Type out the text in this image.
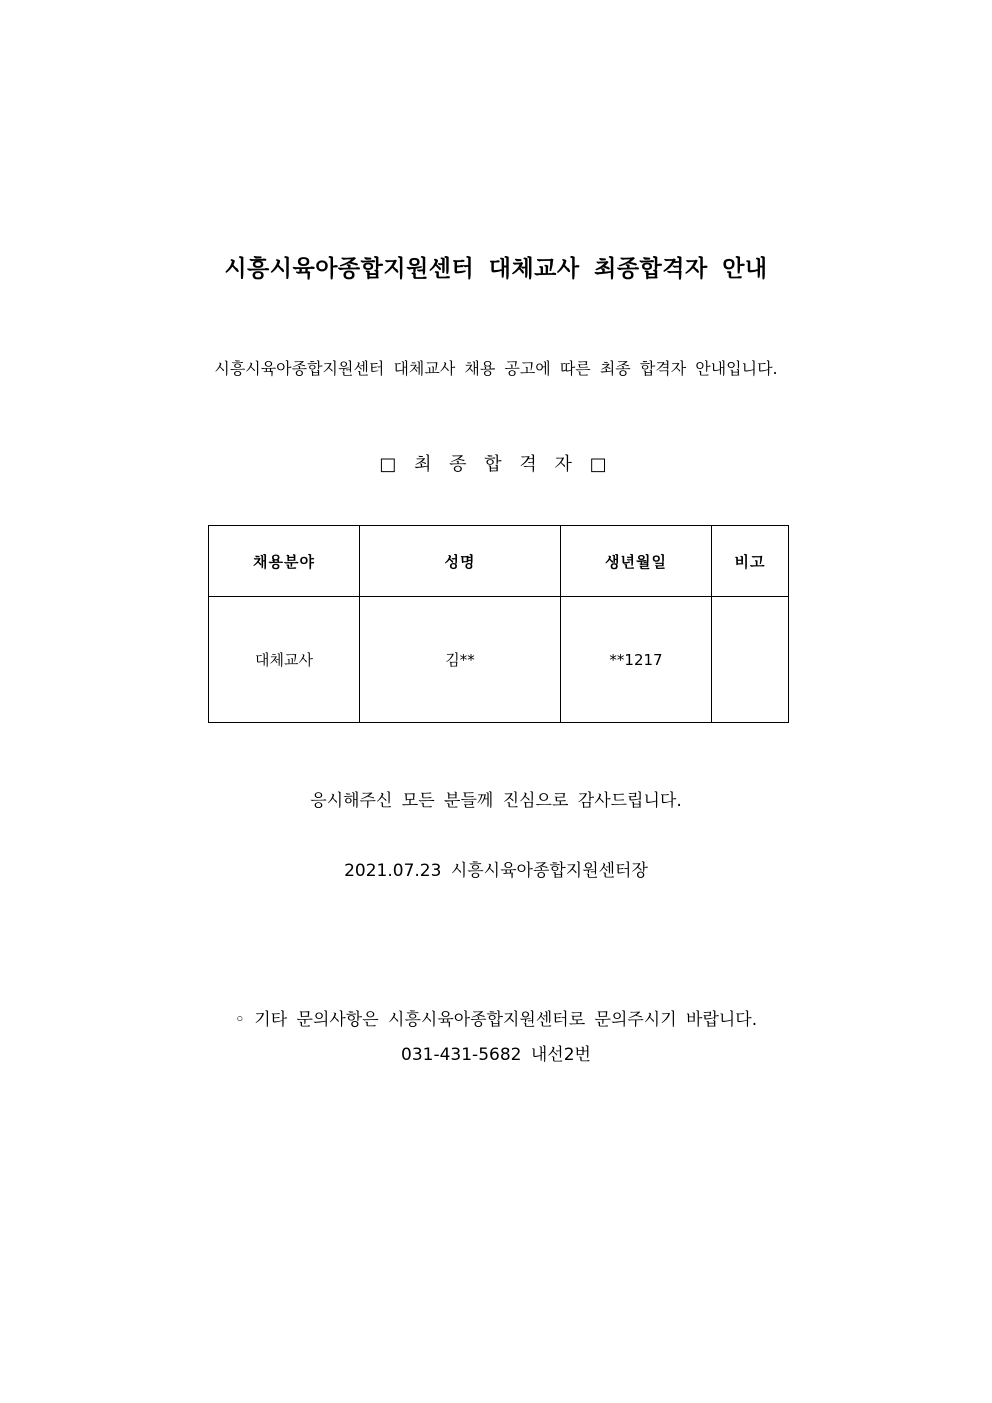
시흥시육아종합지원센터 대체교사 최종합격자 안내
시흥시육아종합지원센터 대체교사 채용 공고에 따른 최종 합격자 안내입니다.
□ 최 종 합 격 자 □
채용분야	성명	생년월일	비고
대체교사	김**	**1217	
응시해주신 모든 분들께 진심으로 감사드립니다.
2021.07.23 시흥시육아종합지원센터장
◦ 기타 문의사항은 시흥시육아종합지원센터로 문의주시기 바랍니다.
031-431-5682 내선2번
